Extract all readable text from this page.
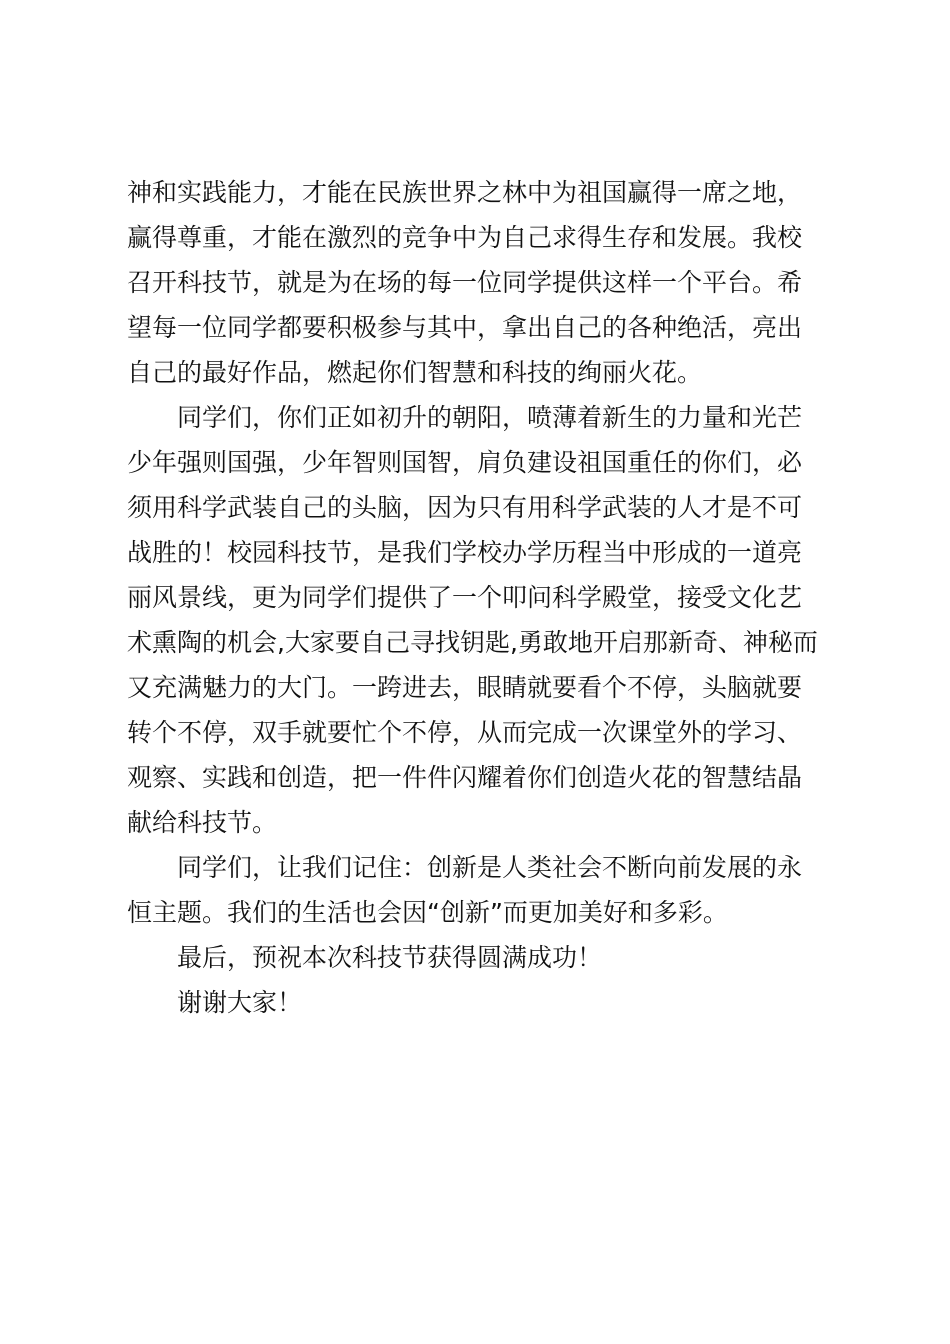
神和实践能力，才能在民族世界之林中为祖国赢得一席之地，
赢得尊重，才能在激烈的竞争中为自己求得生存和发展。我校
召开科技节，就是为在场的每一位同学提供这样一个平台。希
望每一位同学都要积极参与其中，拿出自己的各种绝活，亮出
自己的最好作品，燃起你们智慧和科技的绚丽火花。
同学们，你们正如初升的朝阳，喷薄着新生的力量和光芒
少年强则国强，少年智则国智，肩负建设祖国重任的你们，必
须用科学武装自己的头脑，因为只有用科学武装的人才是不可
战胜的！校园科技节，是我们学校办学历程当中形成的一道亮
丽风景线，更为同学们提供了一个叩问科学殿堂，接受文化艺
术熏陶的机会,大家要自己寻找钥匙,勇敢地开启那新奇、神秘而
又充满魅力的大门。一跨进去，眼睛就要看个不停，头脑就要
转个不停，双手就要忙个不停，从而完成一次课堂外的学习、
观察、实践和创造，把一件件闪耀着你们创造火花的智慧结晶
献给科技节。
同学们，让我们记住：创新是人类社会不断向前发展的永
恒主题。我们的生活也会因“创新”而更加美好和多彩。
最后，预祝本次科技节获得圆满成功！
谢谢大家！
